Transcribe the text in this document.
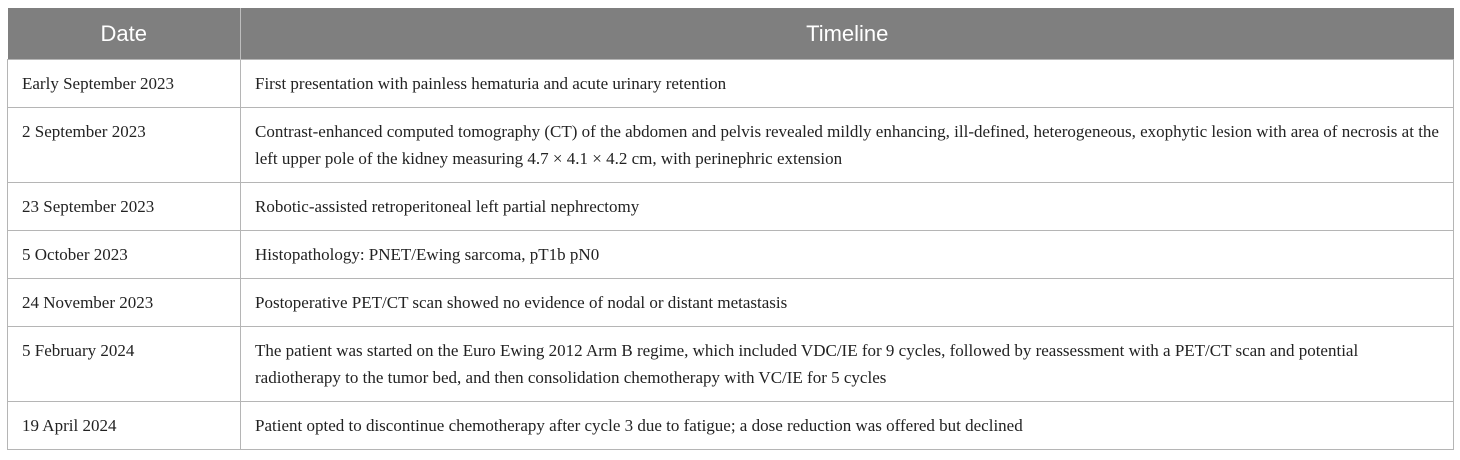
Date	Timeline
Early September 2023	First presentation with painless hematuria and acute urinary retention
2 September 2023	Contrast-enhanced computed tomography (CT) of the abdomen and pelvis revealed mildly enhancing, ill-defined, heterogeneous, exophytic lesion with area of necrosis at the left upper pole of the kidney measuring 4.7 × 4.1 × 4.2 cm, with perinephric extension
23 September 2023	Robotic-assisted retroperitoneal left partial nephrectomy
5 October 2023	Histopathology: PNET/Ewing sarcoma, pT1b pN0
24 November 2023	Postoperative PET/CT scan showed no evidence of nodal or distant metastasis
5 February 2024	The patient was started on the Euro Ewing 2012 Arm B regime, which included VDC/IE for 9 cycles, followed by reassessment with a PET/CT scan and potential radiotherapy to the tumor bed, and then consolidation chemotherapy with VC/IE for 5 cycles
19 April 2024	Patient opted to discontinue chemotherapy after cycle 3 due to fatigue; a dose reduction was offered but declined
